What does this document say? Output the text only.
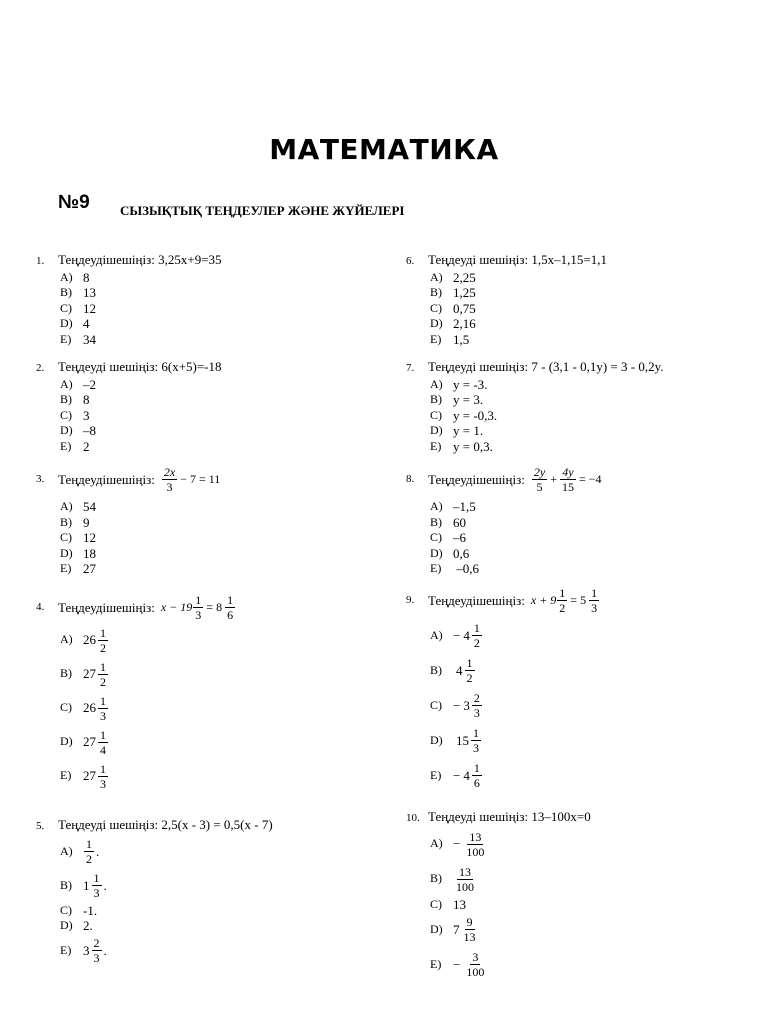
МАТЕМАТИКА
№9 СЫЗЫҚТЫҚ ТЕҢДЕУЛЕР ЖӘНЕ ЖҮЙЕЛЕРІ
1. Теңдеудішешіңіз: 3,25x+9=35
A) 8
B) 13
C) 12
D) 4
E) 34
2. Теңдеуді шешіңіз: 6(x+5)=-18
A) –2
B) 8
C) 3
D) –8
E) 2
3.	Теңдеудішешіңіз: 2x
3
− 7 = 11
A) 54
B) 9
C) 12
D) 18
E) 27
4.	Теңдеудішешіңіз: $x - 19 \frac{1}{3} = 8$ 1
6
A) 26 1
2
B) 27 1
2
C) 26 1
3
D) 27 1
4
E) 27 1
3
5. Теңдеуді шешіңіз: 2,5(x - 3) = 0,5(x - 7)
A)	1
2
.
B) 1 1
3
.
C) -1.
D) 2.
E) 3 2
3
.
6. Теңдеуді шешіңіз: 1,5x–1,15=1,1
A) 2,25
B) 1,25
C) 0,75
D) 2,16
E) 1,5
7. Теңдеуді шешіңіз: 7 - (3,1 - 0,1y) = 3 - 0,2y.
A) y = -3.
B) y = 3.
C) y = -0,3.
D) y = 1.
E) y = 0,3.
8.	Теңдеудішешіңіз: 2y
5
+ $\frac{4y}{15} = -4$
A) –1,5
B) 60
C) –6
D) 0,6
E) –0,6
9.	Теңдеудішешіңіз: $x + 9 \frac{1}{2} = 5$ 1
3
A) − 4 1
2
B)	4 1
2
C) − 3 2
3
D)	15 1
3
E) − 4 1
6
10. Теңдеуді шешіңіз: 13–100x=0
$A) - \frac{13}{100}$
B)	13
100
C) 13
D) 7 9
13
$E) - \frac{3}{100}$
